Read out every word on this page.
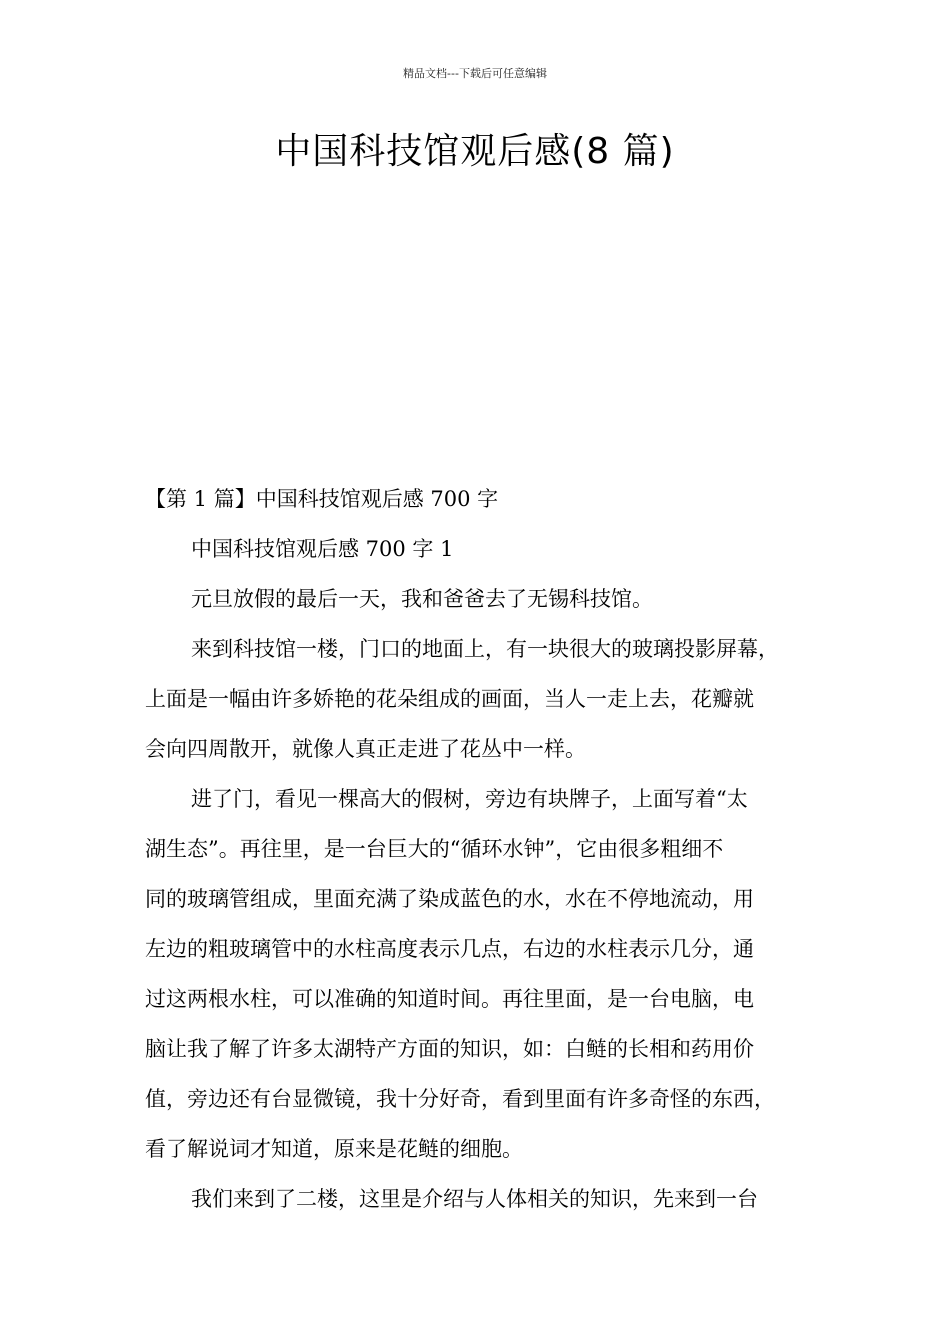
精品文档---下载后可任意编辑
中国科技馆观后感(8 篇)
【第 1 篇】中国科技馆观后感 700 字
中国科技馆观后感 700 字 1
元旦放假的最后一天，我和爸爸去了无锡科技馆。
来到科技馆一楼，门口的地面上，有一块很大的玻璃投影屏幕，
上面是一幅由许多娇艳的花朵组成的画面，当人一走上去，花瓣就
会向四周散开，就像人真正走进了花丛中一样。
进了门，看见一棵高大的假树，旁边有块牌子，上面写着“太
湖生态”。再往里，是一台巨大的“循环水钟”，它由很多粗细不
同的玻璃管组成，里面充满了染成蓝色的水，水在不停地流动，用
左边的粗玻璃管中的水柱高度表示几点，右边的水柱表示几分，通
过这两根水柱，可以准确的知道时间。再往里面，是一台电脑，电
脑让我了解了许多太湖特产方面的知识，如：白鲢的长相和药用价
值，旁边还有台显微镜，我十分好奇，看到里面有许多奇怪的东西，
看了解说词才知道，原来是花鲢的细胞。
我们来到了二楼，这里是介绍与人体相关的知识，先来到一台
